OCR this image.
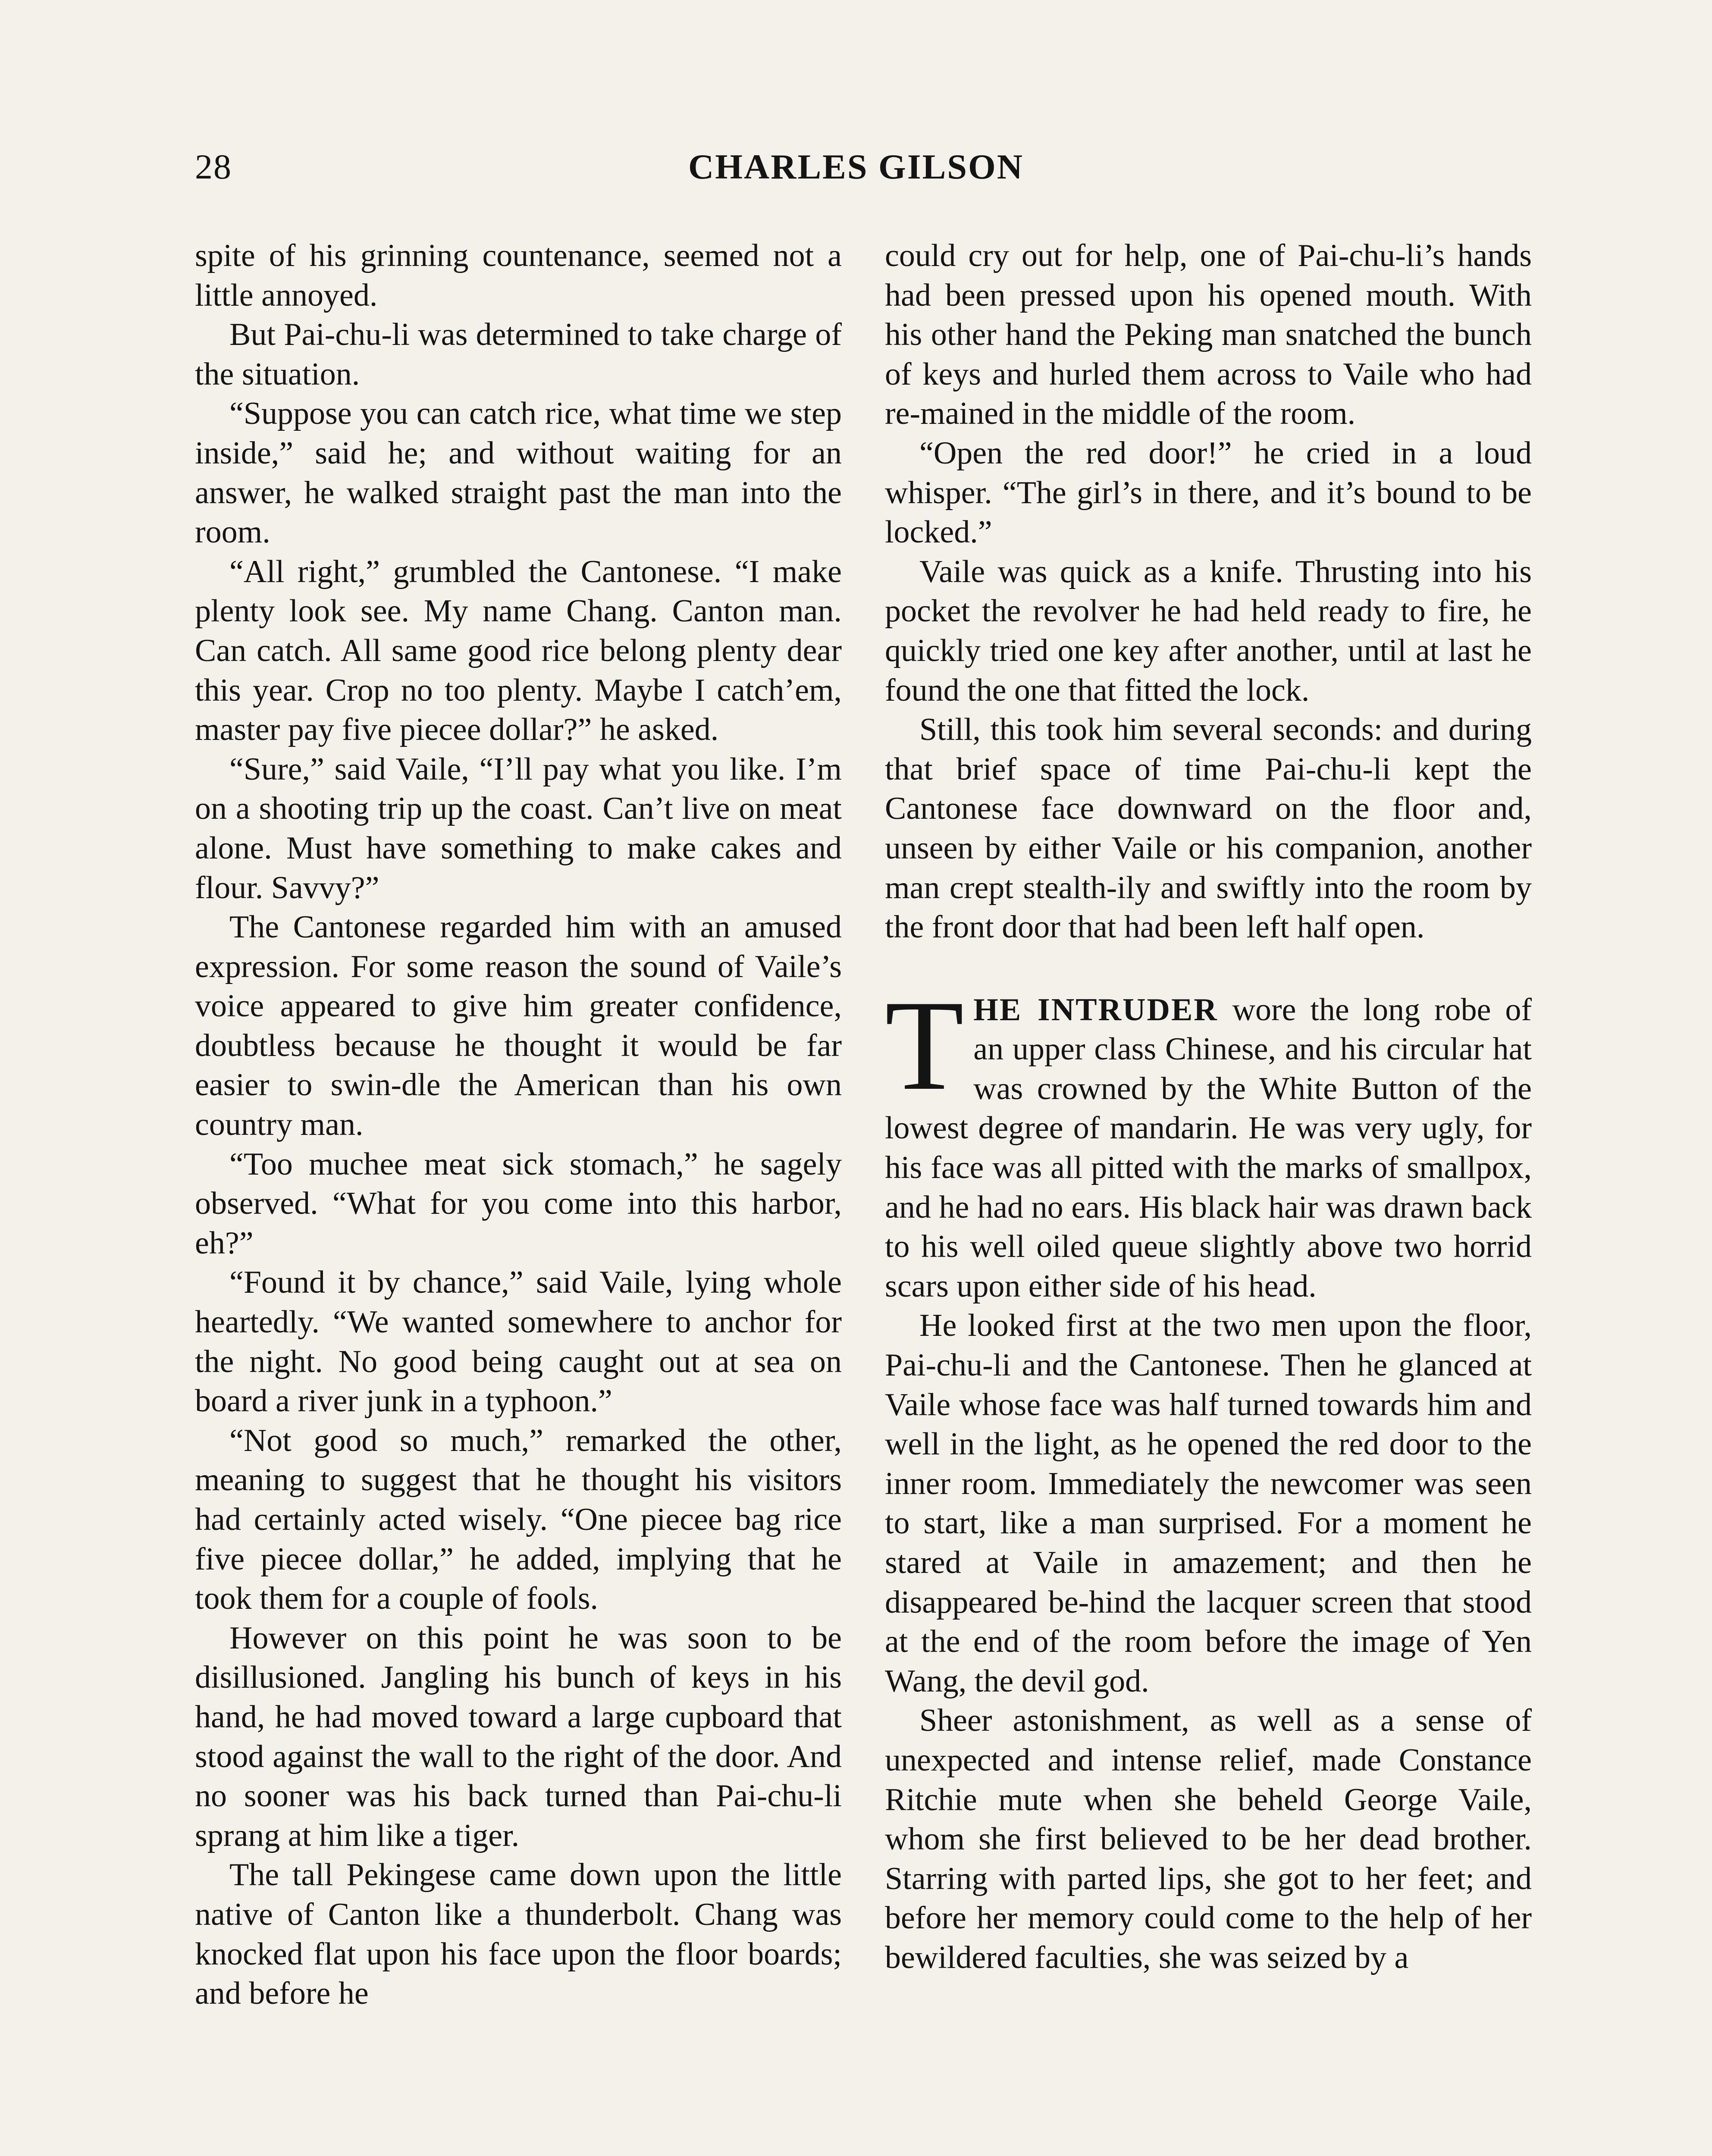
28	CHARLES GILSON

spite of his grinning countenance, seemed not a little annoyed.

But Pai-chu-li was determined to take charge of the situation.

“Suppose you can catch rice, what time we step inside,” said he; and without waiting for an answer, he walked straight past the man into the room.

“All right,” grumbled the Cantonese. “I make plenty look see. My name Chang. Canton man. Can catch. All same good rice belong plenty dear this year. Crop no too plenty. Maybe I catch’em, master pay five piecee dollar?” he asked.

“Sure,” said Vaile, “I’ll pay what you like. I’m on a shooting trip up the coast. Can’t live on meat alone. Must have something to make cakes and flour. Savvy?”

The Cantonese regarded him with an amused expression. For some reason the sound of Vaile’s voice appeared to give him greater confidence, doubtless because he thought it would be far easier to swin-dle the American than his own country man.

“Too muchee meat sick stomach,” he sagely observed. “What for you come into this harbor, eh?”

“Found it by chance,” said Vaile, lying whole heartedly. “We wanted somewhere to anchor for the night. No good being caught out at sea on board a river junk in a typhoon.”

“Not good so much,” remarked the other, meaning to suggest that he thought his visitors had certainly acted wisely. “One piecee bag rice five piecee dollar,” he added, implying that he took them for a couple of fools.

However on this point he was soon to be disillusioned. Jangling his bunch of keys in his hand, he had moved toward a large cupboard that stood against the wall to the right of the door. And no sooner was his back turned than Pai-chu-li sprang at him like a tiger.

The tall Pekingese came down upon the little native of Canton like a thunderbolt. Chang was knocked flat upon his face upon the floor boards; and before he

could cry out for help, one of Pai-chu-li’s hands had been pressed upon his opened mouth. With his other hand the Peking man snatched the bunch of keys and hurled them across to Vaile who had re-mained in the middle of the room.

“Open the red door!” he cried in a loud whisper. “The girl’s in there, and it’s bound to be locked.”

Vaile was quick as a knife. Thrusting into his pocket the revolver he had held ready to fire, he quickly tried one key after another, until at last he found the one that fitted the lock.

Still, this took him several seconds: and during that brief space of time Pai-chu-li kept the Cantonese face downward on the floor and, unseen by either Vaile or his companion, another man crept stealth-ily and swiftly into the room by the front door that had been left half open.

THE INTRUDER wore the long robe of an upper class Chinese, and his circular hat was crowned by the White Button of the lowest degree of mandarin. He was very ugly, for his face was all pitted with the marks of smallpox, and he had no ears. His black hair was drawn back to his well oiled queue slightly above two horrid scars upon either side of his head.

He looked first at the two men upon the floor, Pai-chu-li and the Cantonese. Then he glanced at Vaile whose face was half turned towards him and well in the light, as he opened the red door to the inner room. Immediately the newcomer was seen to start, like a man surprised. For a moment he stared at Vaile in amazement; and then he disappeared be-hind the lacquer screen that stood at the end of the room before the image of Yen Wang, the devil god.

Sheer astonishment, as well as a sense of unexpected and intense relief, made Constance Ritchie mute when she beheld George Vaile, whom she first believed to be her dead brother. Starring with parted lips, she got to her feet; and before her memory could come to the help of her bewildered faculties, she was seized by a
